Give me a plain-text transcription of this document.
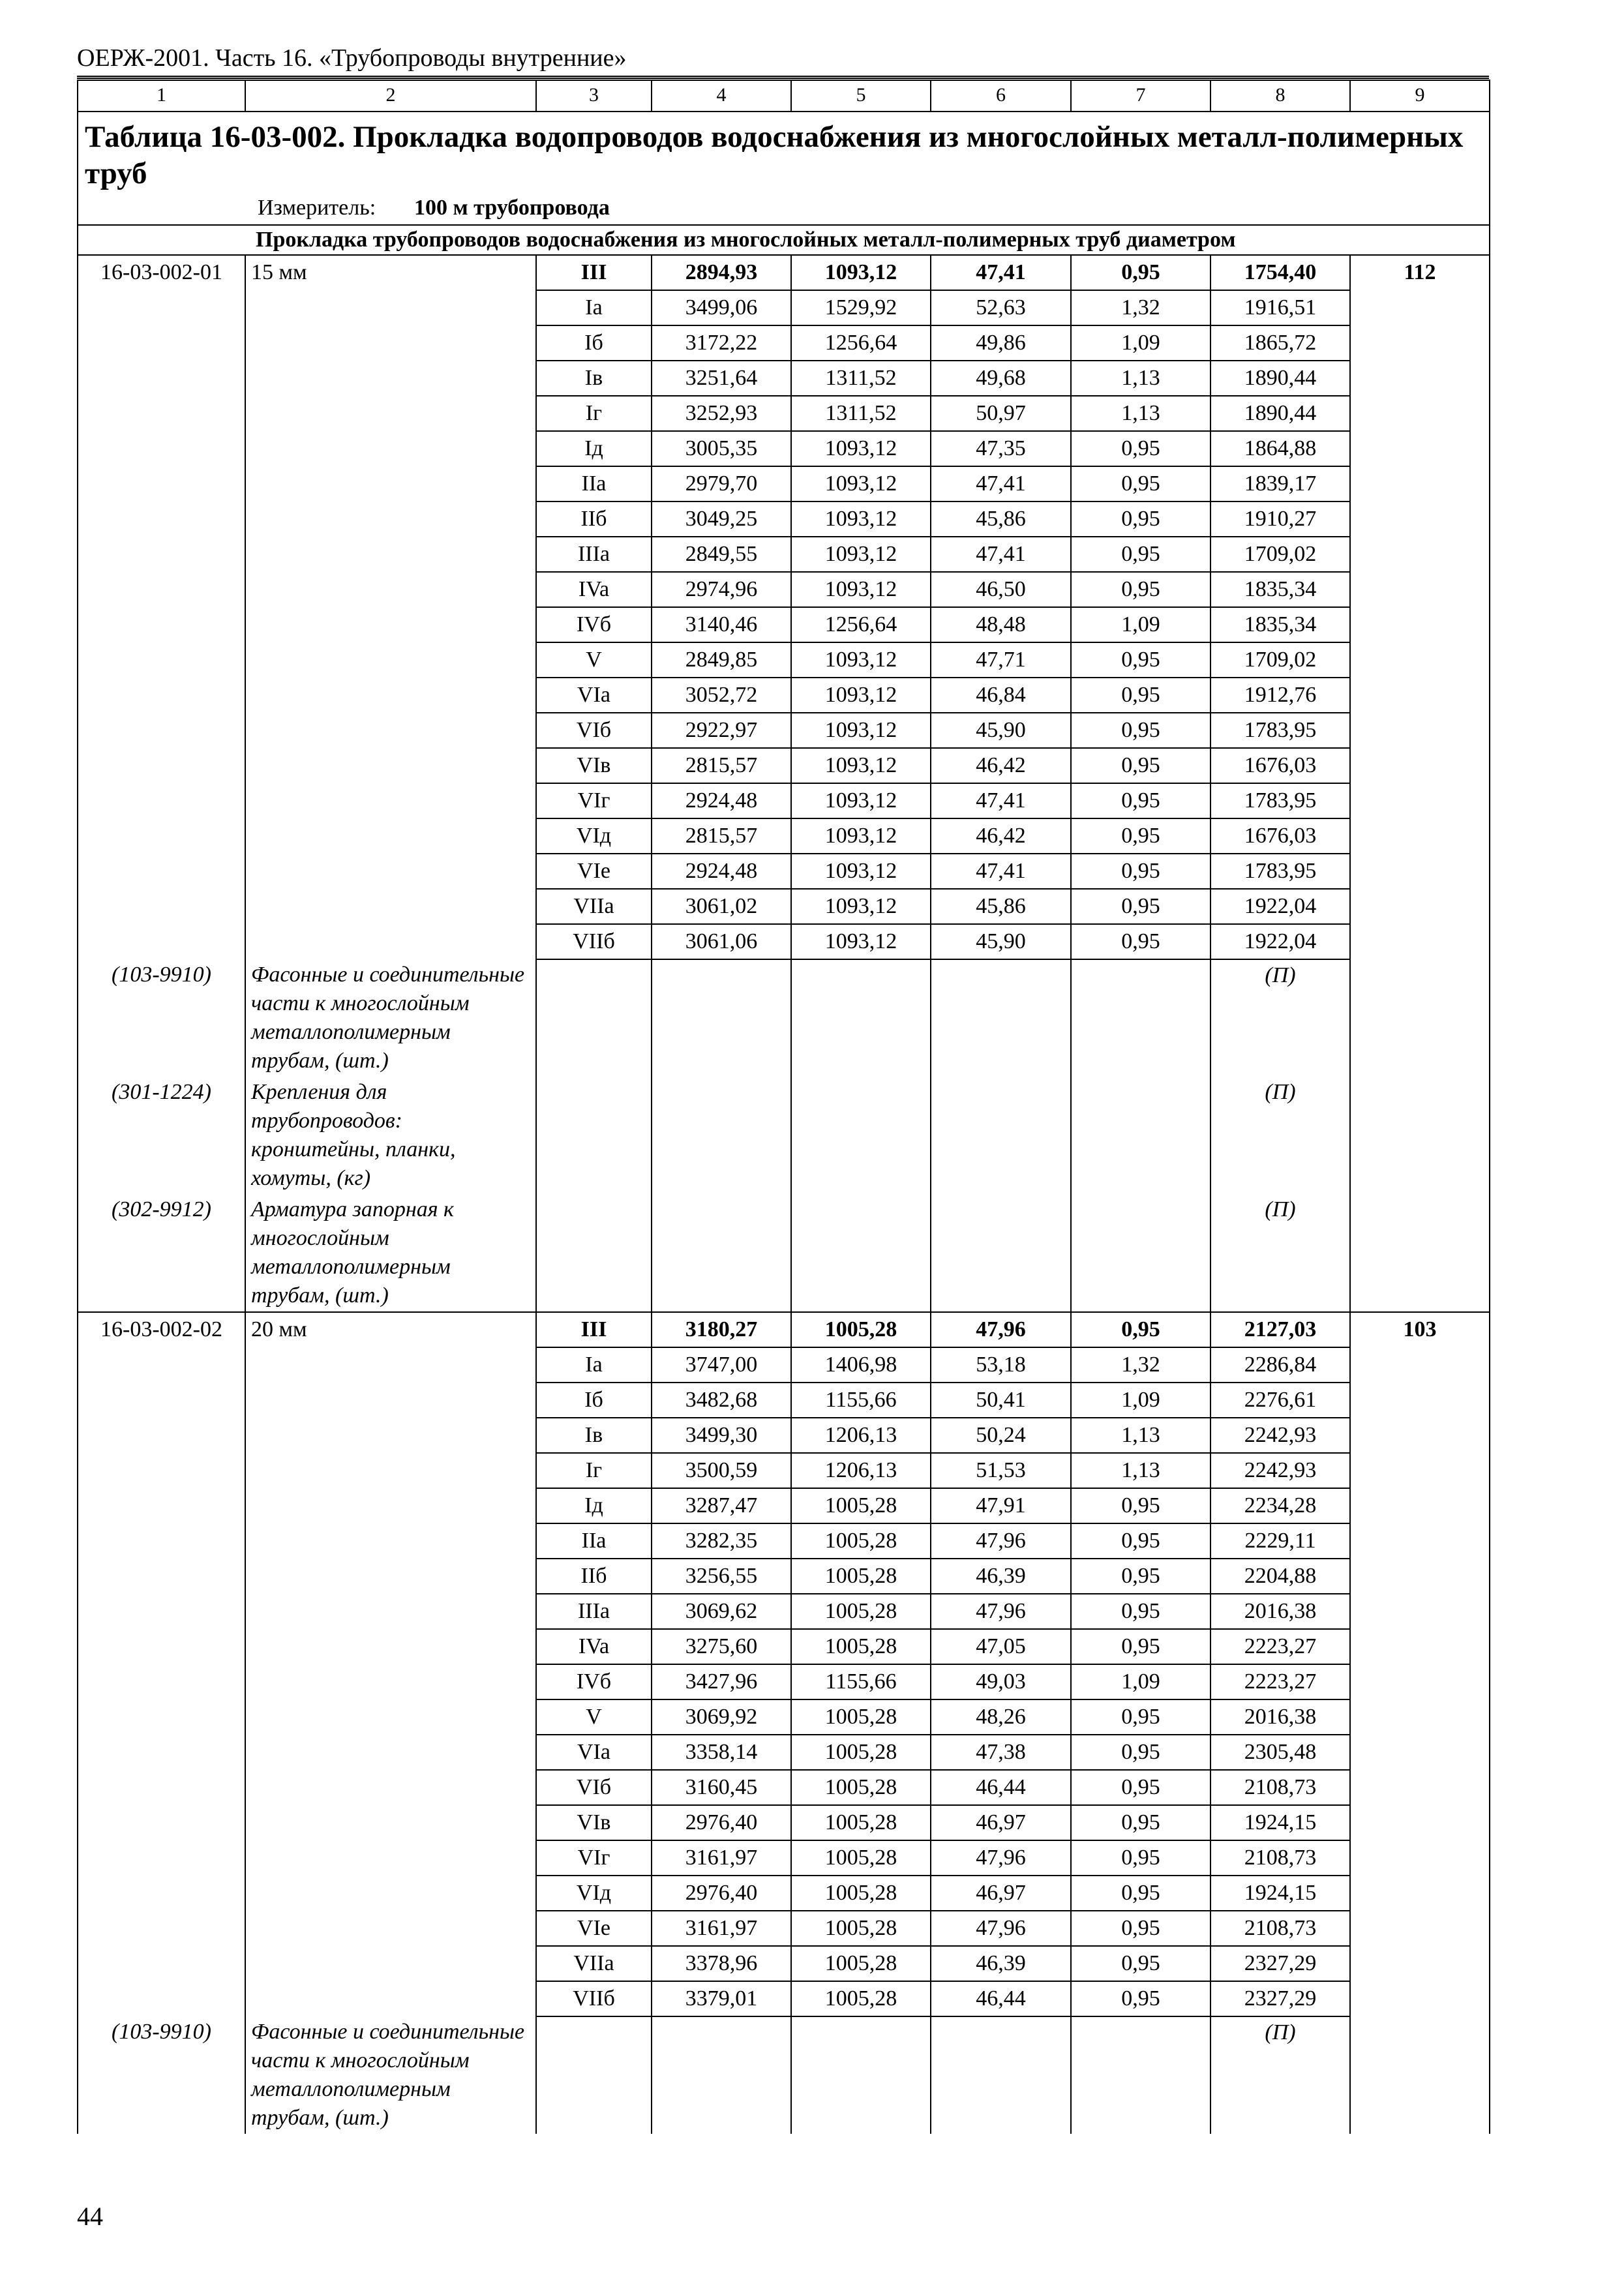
ОЕРЖ-2001. Часть 16. «Трубопроводы внутренние»
1	2	3	4	5	6	7	8	9
Таблица 16-03-002. Прокладка водопроводов водоснабжения из многослойных металл-полимерных труб								
Измеритель: 100 м трубопровода								
Прокладка трубопроводов водоснабжения из многослойных металл-полимерных труб диаметром								
16-03-002-01	15 мм	III	2894,93	1093,12	47,41	0,95	1754,40	112
		Ia	3499,06	1529,92	52,63	1,32	1916,51	
		Iб	3172,22	1256,64	49,86	1,09	1865,72	
		Iв	3251,64	1311,52	49,68	1,13	1890,44	
		Iг	3252,93	1311,52	50,97	1,13	1890,44	
		Iд	3005,35	1093,12	47,35	0,95	1864,88	
		IIa	2979,70	1093,12	47,41	0,95	1839,17	
		IIб	3049,25	1093,12	45,86	0,95	1910,27	
		IIIa	2849,55	1093,12	47,41	0,95	1709,02	
		IVa	2974,96	1093,12	46,50	0,95	1835,34	
		IVб	3140,46	1256,64	48,48	1,09	1835,34	
		V	2849,85	1093,12	47,71	0,95	1709,02	
		VIa	3052,72	1093,12	46,84	0,95	1912,76	
		VIб	2922,97	1093,12	45,90	0,95	1783,95	
		VIв	2815,57	1093,12	46,42	0,95	1676,03	
		VIг	2924,48	1093,12	47,41	0,95	1783,95	
		VIд	2815,57	1093,12	46,42	0,95	1676,03	
		VIe	2924,48	1093,12	47,41	0,95	1783,95	
		VIIa	3061,02	1093,12	45,86	0,95	1922,04	
		VIIб	3061,06	1093,12	45,90	0,95	1922,04	
(103-9910)	Фасонные и соединительные части к многослойным металлополимерным трубам, (шт.)						(П)	
(301-1224)	Крепления для трубопроводов: кронштейны, планки, хомуты, (кг)						(П)	
(302-9912)	Арматура запорная к многослойным металлополимерным трубам, (шт.)						(П)	
16-03-002-02	20 мм	III	3180,27	1005,28	47,96	0,95	2127,03	103
		Ia	3747,00	1406,98	53,18	1,32	2286,84	
		Iб	3482,68	1155,66	50,41	1,09	2276,61	
		Iв	3499,30	1206,13	50,24	1,13	2242,93	
		Iг	3500,59	1206,13	51,53	1,13	2242,93	
		Iд	3287,47	1005,28	47,91	0,95	2234,28	
		IIa	3282,35	1005,28	47,96	0,95	2229,11	
		IIб	3256,55	1005,28	46,39	0,95	2204,88	
		IIIa	3069,62	1005,28	47,96	0,95	2016,38	
		IVa	3275,60	1005,28	47,05	0,95	2223,27	
		IVб	3427,96	1155,66	49,03	1,09	2223,27	
		V	3069,92	1005,28	48,26	0,95	2016,38	
		VIa	3358,14	1005,28	47,38	0,95	2305,48	
		VIб	3160,45	1005,28	46,44	0,95	2108,73	
		VIв	2976,40	1005,28	46,97	0,95	1924,15	
		VIг	3161,97	1005,28	47,96	0,95	2108,73	
		VIд	2976,40	1005,28	46,97	0,95	1924,15	
		VIe	3161,97	1005,28	47,96	0,95	2108,73	
		VIIa	3378,96	1005,28	46,39	0,95	2327,29	
		VIIб	3379,01	1005,28	46,44	0,95	2327,29	
(103-9910)	Фасонные и соединительные части к многослойным металлополимерным трубам, (шт.)						(П)	
44
